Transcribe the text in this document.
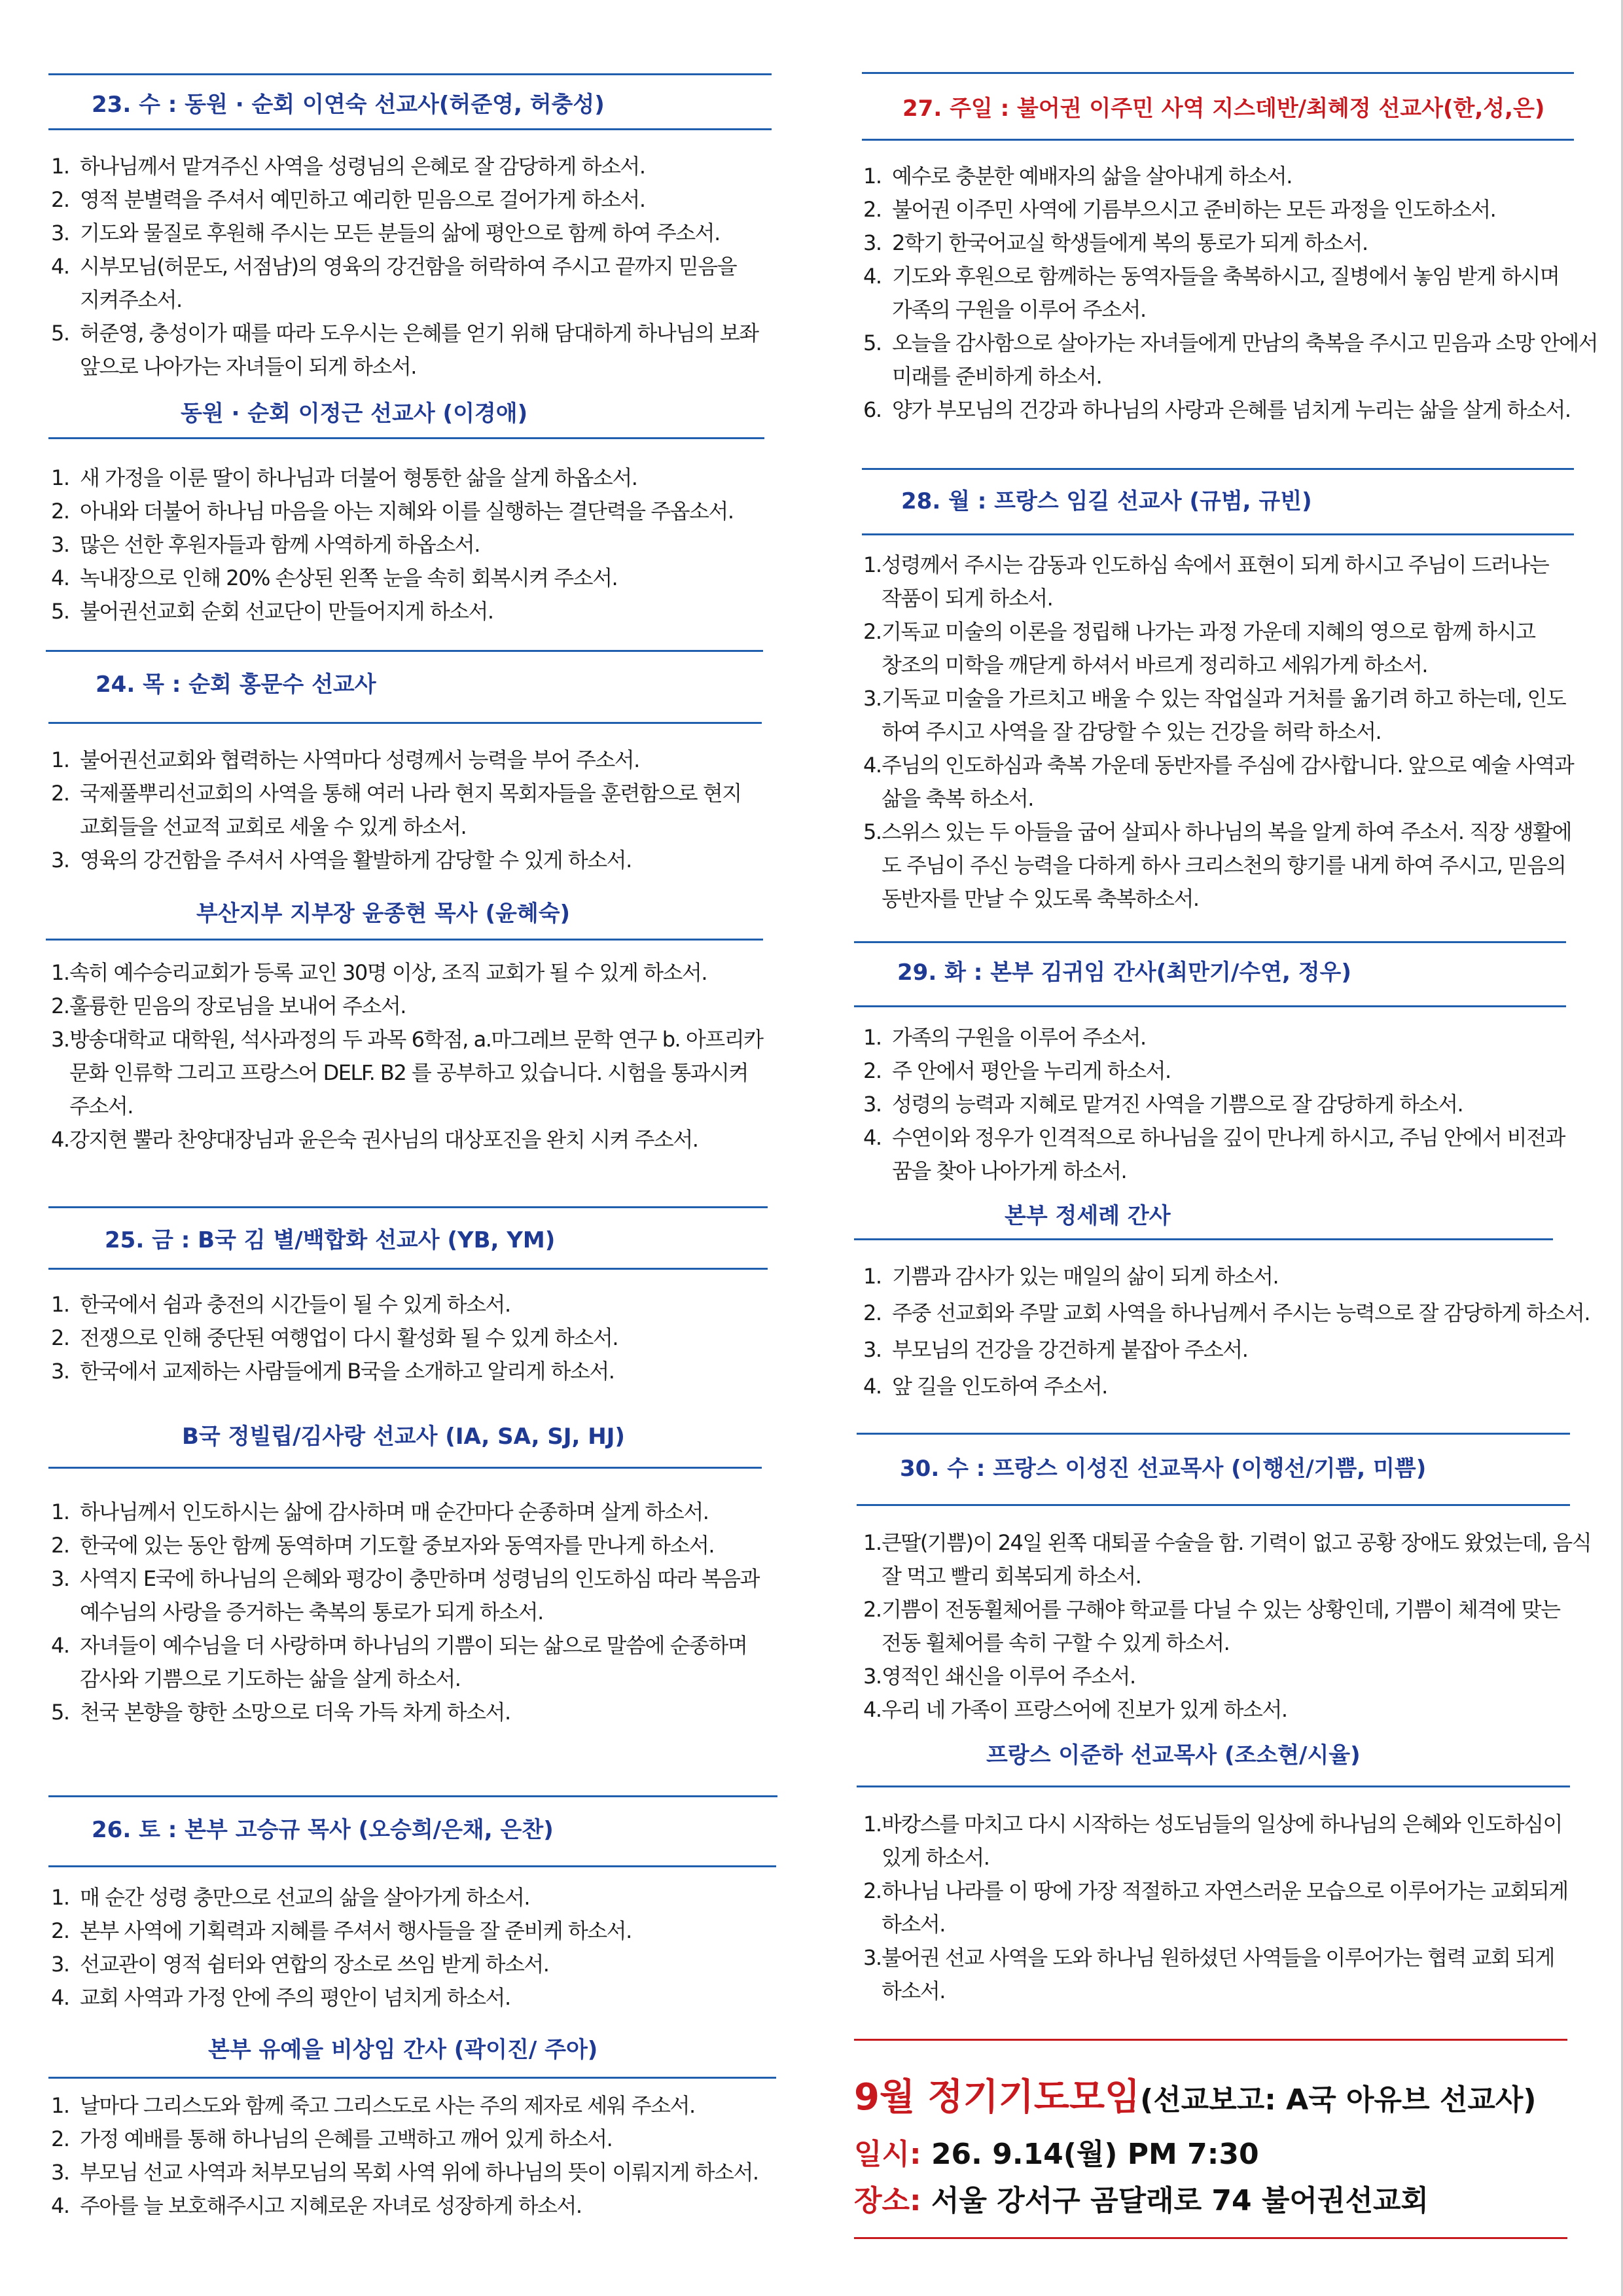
23. 수 : 동원 · 순회 이연숙 선교사(허준영, 허충성)
1. 하나님께서 맡겨주신 사역을 성령님의 은혜로 잘 감당하게 하소서.
2. 영적 분별력을 주셔서 예민하고 예리한 믿음으로 걸어가게 하소서.
3. 기도와 물질로 후원해 주시는 모든 분들의 삶에 평안으로 함께 하여 주소서.
4. 시부모님(허문도, 서점남)의 영육의 강건함을 허락하여 주시고 끝까지 믿음을
지켜주소서.
5. 허준영, 충성이가 때를 따라 도우시는 은혜를 얻기 위해 담대하게 하나님의 보좌
앞으로 나아가는 자녀들이 되게 하소서.
동원 · 순회 이정근 선교사 (이경애)
1. 새 가정을 이룬 딸이 하나님과 더불어 형통한 삶을 살게 하옵소서.
2. 아내와 더불어 하나님 마음을 아는 지혜와 이를 실행하는 결단력을 주옵소서.
3. 많은 선한 후원자들과 함께 사역하게 하옵소서.
4. 녹내장으로 인해 20% 손상된 왼쪽 눈을 속히 회복시켜 주소서.
5. 불어권선교회 순회 선교단이 만들어지게 하소서.
24. 목 : 순회 홍문수 선교사
1. 불어권선교회와 협력하는 사역마다 성령께서 능력을 부어 주소서.
2. 국제풀뿌리선교회의 사역을 통해 여러 나라 현지 목회자들을 훈련함으로 현지
교회들을 선교적 교회로 세울 수 있게 하소서.
3. 영육의 강건함을 주셔서 사역을 활발하게 감당할 수 있게 하소서.
부산지부 지부장 윤종현 목사 (윤혜숙)
1. 속히 예수승리교회가 등록 교인 30명 이상, 조직 교회가 될 수 있게 하소서.
2. 훌륭한 믿음의 장로님을 보내어 주소서.
3. 방송대학교 대학원, 석사과정의 두 과목 6학점, a.마그레브 문학 연구 b. 아프리카
문화 인류학 그리고 프랑스어 DELF. B2 를 공부하고 있습니다. 시험을 통과시켜
주소서.
4. 강지현 뿔라 찬양대장님과 윤은숙 권사님의 대상포진을 완치 시켜 주소서.
25. 금 : B국 김 별/백합화 선교사 (YB, YM)
1. 한국에서 쉼과 충전의 시간들이 될 수 있게 하소서.
2. 전쟁으로 인해 중단된 여행업이 다시 활성화 될 수 있게 하소서.
3. 한국에서 교제하는 사람들에게 B국을 소개하고 알리게 하소서.
B국 정빌립/김사랑 선교사 (IA, SA, SJ, HJ)
1. 하나님께서 인도하시는 삶에 감사하며 매 순간마다 순종하며 살게 하소서.
2. 한국에 있는 동안 함께 동역하며 기도할 중보자와 동역자를 만나게 하소서.
3. 사역지 E국에 하나님의 은혜와 평강이 충만하며 성령님의 인도하심 따라 복음과
예수님의 사랑을 증거하는 축복의 통로가 되게 하소서.
4. 자녀들이 예수님을 더 사랑하며 하나님의 기쁨이 되는 삶으로 말씀에 순종하며
감사와 기쁨으로 기도하는 삶을 살게 하소서.
5. 천국 본향을 향한 소망으로 더욱 가득 차게 하소서.
26. 토 : 본부 고승규 목사 (오승희/은채, 은찬)
1. 매 순간 성령 충만으로 선교의 삶을 살아가게 하소서.
2. 본부 사역에 기획력과 지혜를 주셔서 행사들을 잘 준비케 하소서.
3. 선교관이 영적 쉼터와 연합의 장소로 쓰임 받게 하소서.
4. 교회 사역과 가정 안에 주의 평안이 넘치게 하소서.
본부 유예을 비상임 간사 (곽이진/ 주아)
1. 날마다 그리스도와 함께 죽고 그리스도로 사는 주의 제자로 세워 주소서.
2. 가정 예배를 통해 하나님의 은혜를 고백하고 깨어 있게 하소서.
3. 부모님 선교 사역과 처부모님의 목회 사역 위에 하나님의 뜻이 이뤄지게 하소서.
4. 주아를 늘 보호해주시고 지혜로운 자녀로 성장하게 하소서.
27. 주일 : 불어권 이주민 사역 지스데반/최혜정 선교사(한,성,은)
1. 예수로 충분한 예배자의 삶을 살아내게 하소서.
2. 불어권 이주민 사역에 기름부으시고 준비하는 모든 과정을 인도하소서.
3. 2학기 한국어교실 학생들에게 복의 통로가 되게 하소서.
4. 기도와 후원으로 함께하는 동역자들을 축복하시고, 질병에서 놓임 받게 하시며
가족의 구원을 이루어 주소서.
5. 오늘을 감사함으로 살아가는 자녀들에게 만남의 축복을 주시고 믿음과 소망 안에서
미래를 준비하게 하소서.
6. 양가 부모님의 건강과 하나님의 사랑과 은혜를 넘치게 누리는 삶을 살게 하소서.
28. 월 : 프랑스 임길 선교사 (규범, 규빈)
1. 성령께서 주시는 감동과 인도하심 속에서 표현이 되게 하시고 주님이 드러나는
작품이 되게 하소서.
2. 기독교 미술의 이론을 정립해 나가는 과정 가운데 지혜의 영으로 함께 하시고
창조의 미학을 깨닫게 하셔서 바르게 정리하고 세워가게 하소서.
3. 기독교 미술을 가르치고 배울 수 있는 작업실과 거처를 옮기려 하고 하는데, 인도
하여 주시고 사역을 잘 감당할 수 있는 건강을 허락 하소서.
4. 주님의 인도하심과 축복 가운데 동반자를 주심에 감사합니다. 앞으로 예술 사역과
삶을 축복 하소서.
5. 스위스 있는 두 아들을 굽어 살피사 하나님의 복을 알게 하여 주소서. 직장 생활에
도 주님이 주신 능력을 다하게 하사 크리스천의 향기를 내게 하여 주시고, 믿음의
동반자를 만날 수 있도록 축복하소서.
29. 화 : 본부 김귀임 간사(최만기/수연, 정우)
1. 가족의 구원을 이루어 주소서.
2. 주 안에서 평안을 누리게 하소서.
3. 성령의 능력과 지혜로 맡겨진 사역을 기쁨으로 잘 감당하게 하소서.
4. 수연이와 정우가 인격적으로 하나님을 깊이 만나게 하시고, 주님 안에서 비전과
꿈을 찾아 나아가게 하소서.
본부 정세례 간사
1. 기쁨과 감사가 있는 매일의 삶이 되게 하소서.
2. 주중 선교회와 주말 교회 사역을 하나님께서 주시는 능력으로 잘 감당하게 하소서.
3. 부모님의 건강을 강건하게 붙잡아 주소서.
4. 앞 길을 인도하여 주소서.
30. 수 : 프랑스 이성진 선교목사 (이행선/기쁨, 미쁨)
1. 큰딸(기쁨)이 24일 왼쪽 대퇴골 수술을 함. 기력이 없고 공황 장애도 왔었는데, 음식
잘 먹고 빨리 회복되게 하소서.
2. 기쁨이 전동휠체어를 구해야 학교를 다닐 수 있는 상황인데, 기쁨이 체격에 맞는
전동 휠체어를 속히 구할 수 있게 하소서.
3. 영적인 쇄신을 이루어 주소서.
4. 우리 네 가족이 프랑스어에 진보가 있게 하소서.
프랑스 이준하 선교목사 (조소현/시율)
1. 바캉스를 마치고 다시 시작하는 성도님들의 일상에 하나님의 은혜와 인도하심이
있게 하소서.
2. 하나님 나라를 이 땅에 가장 적절하고 자연스러운 모습으로 이루어가는 교회되게
하소서.
3. 불어권 선교 사역을 도와 하나님 원하셨던 사역들을 이루어가는 협력 교회 되게
하소서.
9월 정기기도모임(선교보고: A국 아유브 선교사)
일시: 26. 9.14(월) PM 7:30
장소: 서울 강서구 곰달래로 74 불어권선교회
